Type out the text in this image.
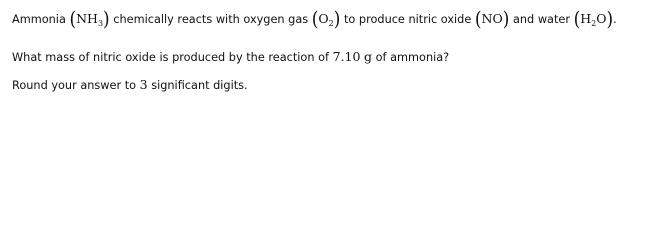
Ammonia $(NH_3)$ chemically reacts with oxygen gas $(O_2)$ to produce nitric oxide (NO) and water $(H_2O)$.
What mass of nitric oxide is produced by the reaction of 7.10 g of ammonia?
Round your answer to 3 significant digits.
